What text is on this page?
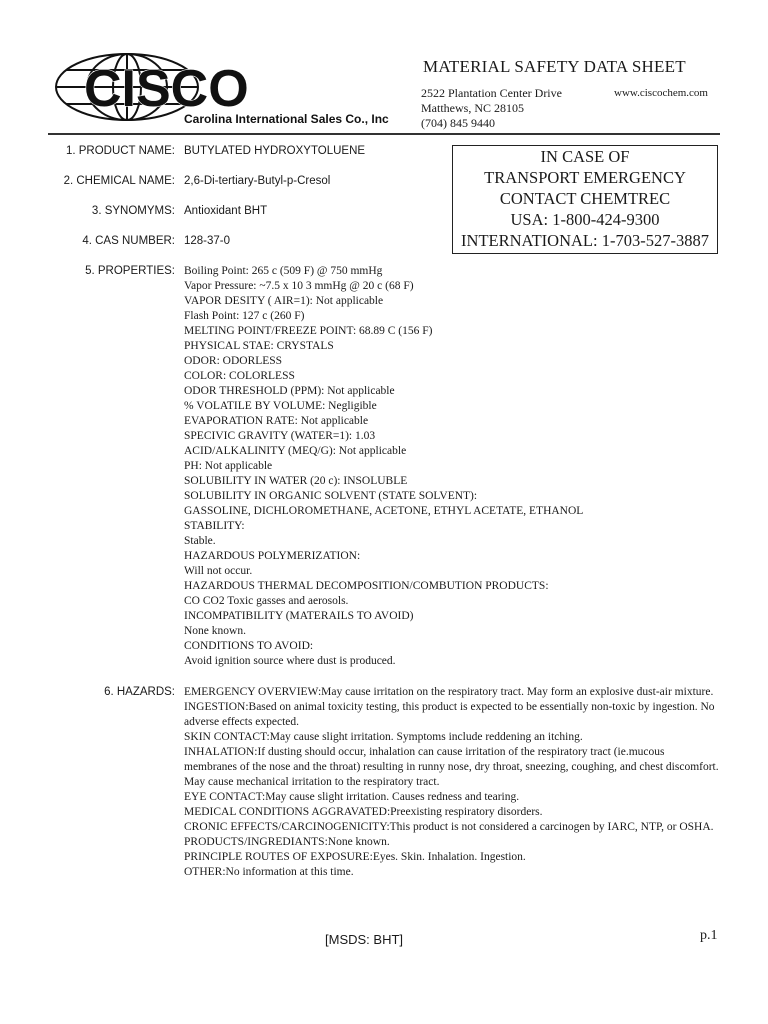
CISCO
Carolina International Sales Co., Inc
MATERIAL SAFETY DATA SHEET
2522 Plantation Center Drive
Matthews, NC 28105
(704) 845 9440
www.ciscochem.com
IN CASE OF
TRANSPORT EMERGENCY
CONTACT CHEMTREC
USA: 1-800-424-9300
INTERNATIONAL: 1-703-527-3887
1. PRODUCT NAME: BUTYLATED HYDROXYTOLUENE
2. CHEMICAL NAME: 2,6-Di-tertiary-Butyl-p-Cresol
3. SYNOMYMS: Antioxidant BHT
4. CAS NUMBER: 128-37-0
5. PROPERTIES: Boiling Point: 265 c (509 F) @ 750 mmHg
Vapor Pressure: ~7.5 x 10 3 mmHg @ 20 c (68 F)
VAPOR DESITY ( AIR=1): Not applicable
Flash Point: 127 c (260 F)
MELTING POINT/FREEZE POINT: 68.89 C (156 F)
PHYSICAL STAE: CRYSTALS
ODOR: ODORLESS
COLOR: COLORLESS
ODOR THRESHOLD (PPM): Not applicable
% VOLATILE BY VOLUME: Negligible
EVAPORATION RATE: Not applicable
SPECIVIC GRAVITY (WATER=1): 1.03
ACID/ALKALINITY (MEQ/G): Not applicable
PH: Not applicable
SOLUBILITY IN WATER (20 c): INSOLUBLE
SOLUBILITY IN ORGANIC SOLVENT (STATE SOLVENT):
GASSOLINE, DICHLOROMETHANE, ACETONE, ETHYL ACETATE, ETHANOL
STABILITY:
Stable.
HAZARDOUS POLYMERIZATION:
Will not occur.
HAZARDOUS THERMAL DECOMPOSITION/COMBUTION PRODUCTS:
CO CO2 Toxic gasses and aerosols.
INCOMPATIBILITY (MATERAILS TO AVOID)
None known.
CONDITIONS TO AVOID:
Avoid ignition source where dust is produced.
6. HAZARDS: EMERGENCY OVERVIEW:May cause irritation on the respiratory tract. May form an explosive dust-air mixture.
INGESTION:Based on animal toxicity testing, this product is expected to be essentially non-toxic by ingestion. No adverse effects expected.
SKIN CONTACT:May cause slight irritation. Symptoms include reddening an itching.
INHALATION:If dusting should occur, inhalation can cause irritation of the respiratory tract (ie.mucous membranes of the nose and the throat) resulting in runny nose, dry throat, sneezing, coughing, and chest discomfort. May cause mechanical irritation to the respiratory tract.
EYE CONTACT:May cause slight irritation. Causes redness and tearing.
MEDICAL CONDITIONS AGGRAVATED:Preexisting respiratory disorders.
CRONIC EFFECTS/CARCINOGENICITY:This product is not considered a carcinogen by IARC, NTP, or OSHA.
PRODUCTS/INGREDIANTS:None known.
PRINCIPLE ROUTES OF EXPOSURE:Eyes. Skin. Inhalation. Ingestion.
OTHER:No information at this time.
[MSDS: BHT]	p.1
